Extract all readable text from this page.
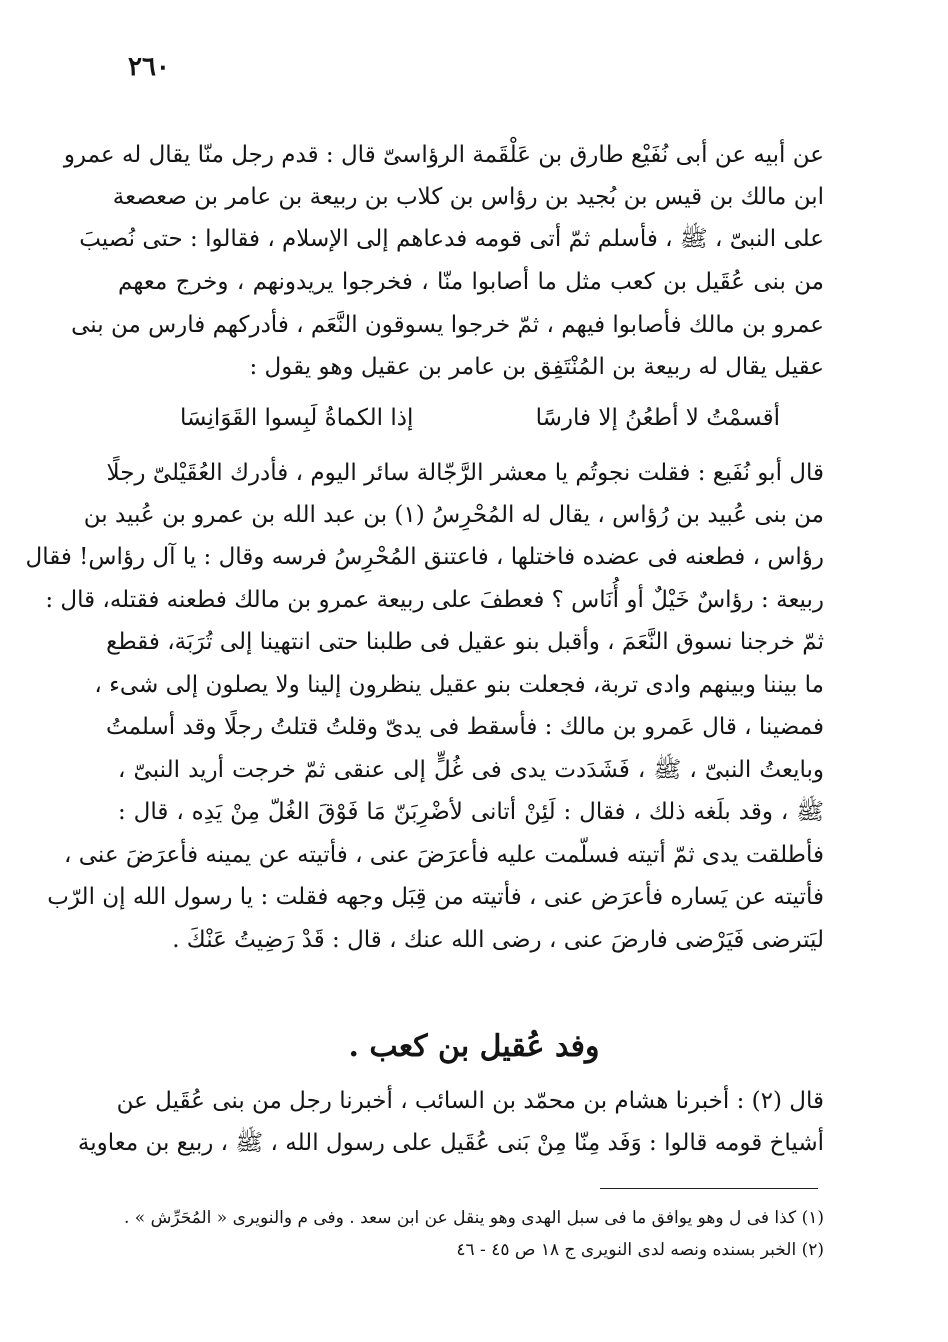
٢٦٠
عن أبيه عن أبى نُفَيْع طارق بن عَلْقَمة الرؤاسىّ قال : قدم رجل منّا يقال له عمرو
ابن مالك بن قيس بن بُجيد بن رؤاس بن كلاب بن ربيعة بن عامر بن صعصعة
على النبىّ ، ﷺ ، فأسلم ثمّ أتى قومه فدعاهم إلى الإسلام ، فقالوا : حتى نُصيبَ
من بنى عُقَيل بن كعب مثل ما أصابوا منّا ، فخرجوا يريدونهم ، وخرج معهم
عمرو بن مالك فأصابوا فيهم ، ثمّ خرجوا يسوقون النَّعَم ، فأدركهم فارس من بنى
عقيل يقال له ربيعة بن المُنْتَفِق بن عامر بن عقيل وهو يقول :
أقسمْتُ لا أطعُنُ إلا فارسًا
إذا الكماةُ لَبِسوا القَوَانِسَا
قال أبو نُفَيع : فقلت نجوتُم يا معشر الرَّجّالة سائر اليوم ، فأدرك العُقَيْلىّ رجلًا
من بنى عُبيد بن رُؤاس ، يقال له المُحْرِسُ (١) بن عبد الله بن عمرو بن عُبيد بن
رؤاس ، فطعنه فى عضده فاختلها ، فاعتنق المُحْرِسُ فرسه وقال : يا آل رؤاس! فقال
ربيعة : رؤاسٌ خَيْلٌ أو أُنَاس ؟ فعطفَ على ربيعة عمرو بن مالك فطعنه فقتله، قال :
ثمّ خرجنا نسوق النَّعَمَ ، وأقبل بنو عقيل فى طلبنا حتى انتهينا إلى تُرَبَة، فقطع
ما بيننا وبينهم وادى تربة، فجعلت بنو عقيل ينظرون إلينا ولا يصلون إلى شىء ،
فمضينا ، قال عَمرو بن مالك : فأسقط فى يدىّ وقلتُ قتلتُ رجلًا وقد أسلمتُ
وبايعتُ النبىّ ، ﷺ ، فَشَدَدت يدى فى غُلٍّ إلى عنقى ثمّ خرجت أريد النبىّ ،
ﷺ ، وقد بلَغه ذلك ، فقال : لَئِنْ أتانى لأضْرِبَنّ مَا فَوْقَ الغُلّ مِنْ يَدِه ، قال :
فأطلقت يدى ثمّ أتيته فسلّمت عليه فأعرَضَ عنى ، فأتيته عن يمينه فأعرَضَ عنى ،
فأتيته عن يَساره فأعرَض عنى ، فأتيته من قِبَل وجهه فقلت : يا رسول الله إن الرّب
ليَترضى فَيَرْضى فارضَ عنى ، رضى الله عنك ، قال : قَدْ رَضِيتُ عَنْكَ .
وفد عُقيل بن كعب .
قال (٢) : أخبرنا هشام بن محمّد بن السائب ، أخبرنا رجل من بنى عُقَيل عن
أشياخ قومه قالوا : وَفَد مِنّا مِنْ بَنى عُقَيل على رسول الله ، ﷺ ، ربيع بن معاوية
(١) كذا فى ل وهو يوافق ما فى سبل الهدى وهو ينقل عن ابن سعد . وفى م والنويرى « المُحَرِّش » .
(٢) الخبر بسنده ونصه لدى النويرى ج ١٨ ص ٤٥ - ٤٦
